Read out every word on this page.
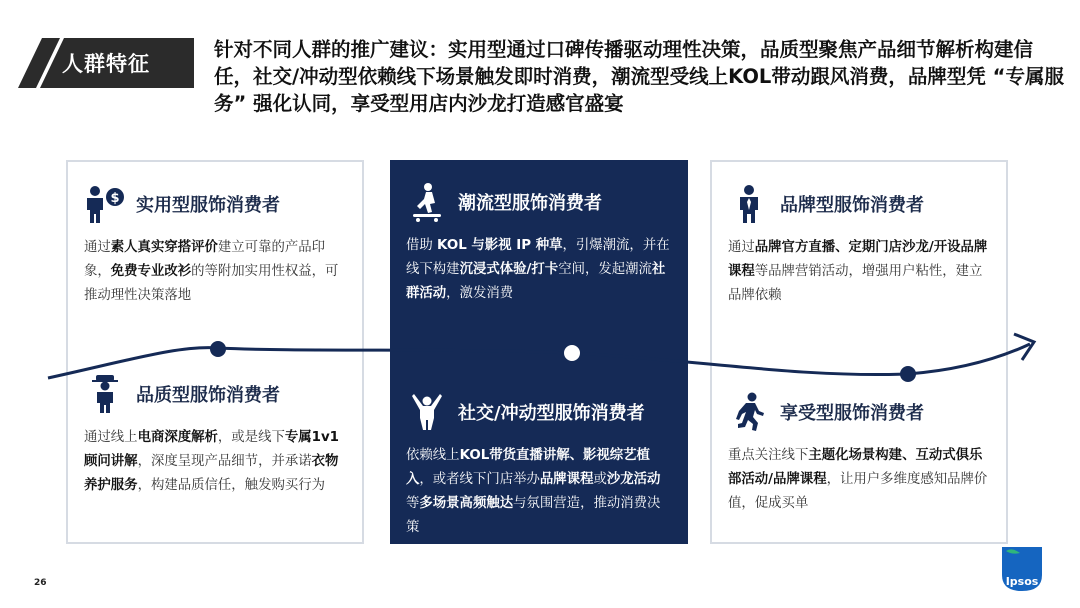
人群特征
针对不同人群的推广建议：实用型通过口碑传播驱动理性决策，品质型聚焦产品细节解析构建信任，社交/冲动型依赖线下场景触发即时消费，潮流型受线上KOL带动跟风消费，品牌型凭 “专属服务” 强化认同，享受型用店内沙龙打造感官盛宴
$ 实用型服饰消费者
通过素人真实穿搭评价建立可靠的产品印象，免费专业改衫的等附加实用性权益，可推动理性决策落地
品质型服饰消费者
通过线上电商深度解析，或是线下专属1v1顾问讲解，深度呈现产品细节，并承诺衣物养护服务，构建品质信任，触发购买行为
潮流型服饰消费者
借助 KOL 与影视 IP 种草，引爆潮流，并在线下构建沉浸式体验/打卡空间，发起潮流社群活动，激发消费
社交/冲动型服饰消费者
依赖线上KOL带货直播讲解、影视综艺植入，或者线下门店举办品牌课程或沙龙活动等多场景高频触达与氛围营造，推动消费决策
品牌型服饰消费者
通过品牌官方直播、定期门店沙龙/开设品牌课程等品牌营销活动，增强用户粘性，建立品牌依赖
享受型服饰消费者
重点关注线下主题化场景构建、互动式俱乐部活动/品牌课程，让用户多维度感知品牌价值，促成买单
26	Ipsos
